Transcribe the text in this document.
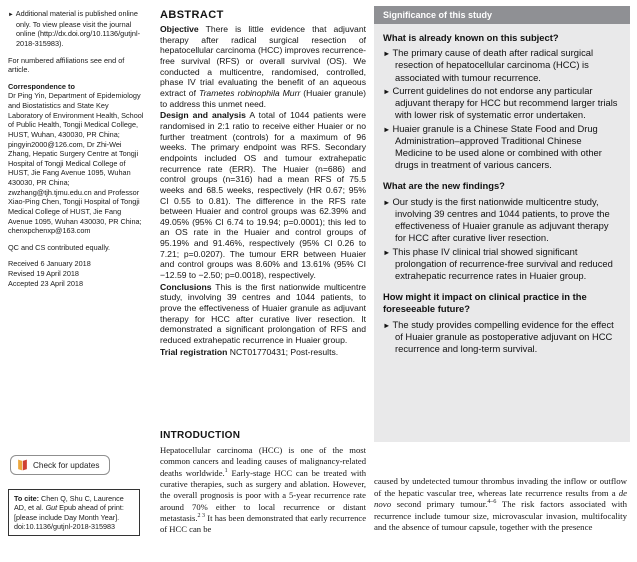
► Additional material is published online only. To view please visit the journal online (http://dx.doi.org/10.1136/gutjnl-2018-315983).

For numbered affiliations see end of article.

Correspondence to
Dr Ping Yin, Department of Epidemiology and Biostatistics and State Key Laboratory of Environment Health, School of Public Health, Tongji Medical College, HUST, Wuhan, 430030, PR China; pingyin2000@126.com, Dr Zhi-Wei Zhang, Hepatic Surgery Centre at Tongji Hospital of Tongji Medical College of HUST, Jie Fang Avenue 1095, Wuhan 430030, PR China; zwzhang@tjh.tjmu.edu.cn and Professor Xiao-Ping Chen, Tongji Hospital of Tongji Medical College of HUST, Jie Fang Avenue 1095, Wuhan 430030, PR China; chenxpchenxp@163.com

QC and CS contributed equally.

Received 6 January 2018

Revised 19 April 2018

Accepted 23 April 2018

Check for updates
To cite: Chen Q, Shu C, Laurence AD, et al. Gut Epub ahead of print: [please include Day Month Year]. doi:10.1136/gutjnl-2018-315983
ABSTRACT

Objective There is little evidence that adjuvant therapy after radical surgical resection of hepatocellular carcinoma (HCC) improves recurrence-free survival (RFS) or overall survival (OS). We conducted a multicentre, randomised, controlled, phase IV trial evaluating the benefit of an aqueous extract of Trametes robinophila Murr (Huaier granule) to address this unmet need.

Design and analysis A total of 1044 patients were randomised in 2:1 ratio to receive either Huaier or no further treatment (controls) for a maximum of 96 weeks. The primary endpoint was RFS. Secondary endpoints included OS and tumour extrahepatic recurrence rate (ERR). The Huaier (n=686) and control groups (n=316) had a mean RFS of 75.5 weeks and 68.5 weeks, respectively (HR 0.67; 95% CI 0.55 to 0.81). The difference in the RFS rate between Huaier and control groups was 62.39% and 49.05% (95% CI 6.74 to 19.94; p=0.0001); this led to an OS rate in the Huaier and control groups of 95.19% and 91.46%, respectively (95% CI 0.26 to 7.21; p=0.0207). The tumour ERR between Huaier and control groups was 8.60% and 13.61% (95% CI −12.59 to −2.50; p=0.0018), respectively.

Conclusions This is the first nationwide multicentre study, involving 39 centres and 1044 patients, to prove the effectiveness of Huaier granule as adjuvant therapy for HCC after curative liver resection. It demonstrated a significant prolongation of RFS and reduced extrahepatic recurrence in Huaier group.

Trial registration NCT01770431; Post-results.

INTRODUCTION

Hepatocellular carcinoma (HCC) is one of the most common cancers and leading causes of malignancy-related deaths worldwide.$^1$ Early-stage HCC can be treated with curative therapies, such as surgery and ablation. However, the overall prognosis is poor with a 5-year recurrence rate around 70% either to local recurrence or distant metastasis.$^{2 3}$ It has been demonstrated that early recurrence of HCC can be

Significance of this study

What is already known on this subject?

► The primary cause of death after radical surgical resection of hepatocellular carcinoma (HCC) is associated with tumour recurrence.

► Current guidelines do not endorse any particular adjuvant therapy for HCC but recommend larger trials with lower risk of systematic error undertaken.

► Huaier granule is a Chinese State Food and Drug Administration–approved Traditional Chinese Medicine to be used alone or combined with other drugs in treatment of various cancers.

What are the new findings?

► Our study is the first nationwide multicentre study, involving 39 centres and 1044 patients, to prove the effectiveness of Huaier granule as adjuvant therapy for HCC after curative liver resection.

► This phase IV clinical trial showed significant prolongation of recurrence-free survival and reduced extrahepatic recurrence rates in Huaier group.

How might it impact on clinical practice in the foreseeable future?

► The study provides compelling evidence for the effect of Huaier granule as postoperative adjuvant on HCC recurrence and long-term survival.

caused by undetected tumour thrombus invading the inflow or outflow of the hepatic vascular tree, whereas late recurrence results from a de novo second primary tumour.$^{4-6}$ The risk factors associated with recurrence include tumour size, microvascular invasion, multifocality and the absence of tumour capsule, together with the presence
